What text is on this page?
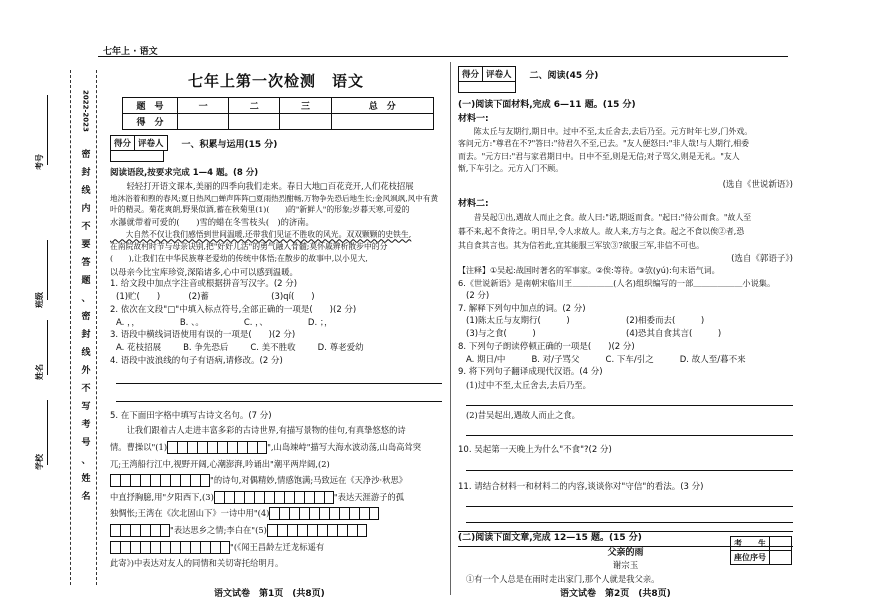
七年上 · 语文
2022-2023
密
封
线
内
不
要
答
题
、
密
封
线
外
不
写
考
号
、
姓
名
考号
班级
姓名
学校
七年上第一次检测　语文
题　号	一	二	三	总　分
得　分				
得分 评卷人	一、积累与运用(15 分)
阅读语段,按要求完成 1—4 题。(8 分)
　　轻轻打开语文课本,美丽的四季向我们走来。春日大地□百花竞开,人们花枝招展
地沐浴着和煦的春风;夏日热风□蝉声阵阵□夏雨热烈酣畅,万物争先恐后地生长;金风飒飒,风中有黄
叶的精灵。菊花爽朗,野果似酒,蓄在秋菊里(1)(　　)的"新鲜人"的形象;岁暮天寒,可爱的
水瀑就带着可爱的(　　)雪的蜡在冬雪枝头(　)的济南。
　　大自然不仅让我们感悟到世间温暖,还带我们见证不胜收的风光。双双颗颗的史铁生,
在南院故村时节与母亲诀别,把"好好儿活"的勇气融入骨髓;莫怀戚辨析散步中的分
(　　),让我们在中华民族尊老爱幼的传统中体悟;在散步的故事中,以小见大,
以母亲今比宝库珍资,深陷诸多,心中可以感到温暖。
1. 给文段中加点字注音或根据拼音写汉字。(2 分)
(1)贮(　　)　　　	(2)蓄　　　　　　　	(3)qí(　　)
2. 依次在文段"□"中填入标点符号,全部正确的一项是(　　)(2 分)
A. ，，	B. 、。	C. ，、	D. ；，
3. 语段中横线词语使用有误的一项是(　　)(2 分)
A. 花枝招展	B. 争先恐后	C. 美不胜收	D. 尊老爱幼
4. 语段中波浪线的句子有语病,请修改。(2 分)
5. 在下面田字格中填写古诗文名句。(7 分)
　　让我们跟着古人走进丰富多彩的古诗世界,有描写景物的佳句,有真挚悠悠的诗
情。曹操以"(1)	",山岛竦峙"描写大海水波动荡,山岛高耸突
兀;王湾船行江中,视野开阔,心潮澎湃,吟诵出"潮平两岸阔,(2)
"的诗句,对偶精妙,情感饱满;马致远在《天净沙·秋思》
中直抒胸臆,用"夕阳西下,(3)	"表达天涯游子的孤
独惆怅;王湾在《次北固山下》一诗中用"(4)
"表达思乡之情;李白在"(5)
"(《闻王昌龄左迁龙标遥有
此寄》)中表达对友人的同情和关切寄托给明月。
语文试卷　第1页　(共8页)
得分 评卷人	二、阅读(45 分)
(一)阅读下面材料,完成 6—11 题。(15 分)
材料一:
　　陈太丘与友期行,期日中。过中不至,太丘舍去,去后乃至。元方时年七岁,门外戏。
客问元方:"尊君在不?"答曰:"待君久不至,已去。"友人便怒曰:"非人哉!与人期行,相委
而去。"元方曰:"君与家君期日中。日中不至,则是无信;对子骂父,则是无礼。"友人
惭,下车引之。元方入门不顾。
(选自《世说新语》)
材料二:
　　昔吴起①出,遇故人而止之食。故人曰:"诺,期返而食。"起曰:"待公而食。"故人至
暮不来,起不食待之。明日早,令人求故人。故人来,方与之食。起之不食以俟②者,恐
其自食其言也。其为信若此,宜其能服三军欤③?欲服三军,非信不可也。
(选自《郭语子》)
【注释】①吴起:战国时著名的军事家。②俟:等待。③欤(yú):句末语气词。
6.《世说新语》是南朝宋临川王＿＿＿＿＿(人名)组织编写的一部＿＿＿＿＿＿小说集。
(2 分)
7. 解释下列句中加点的词。(2 分)
(1)陈太丘与友期行(　　　)	(2)相委而去(　　　)
(3)与之食(　　　)	(4)恐其自食其言(　　　)
8. 下列句子朗读停顿正确的一项是(　　)(2 分)
A. 期日/中	B. 对/子骂父	C. 下车/引之	D. 故人至/暮不来
9. 将下列句子翻译成现代汉语。(4 分)
(1)过中不至,太丘舍去,去后乃至。
(2)昔吴起出,遇故人而止之食。
10. 吴起第一天晚上为什么"不食"?(2 分)
11. 请结合材料一和材料二的内容,谈谈你对"守信"的看法。(3 分)
(二)阅读下面文章,完成 12—15 题。(15 分)
父亲的雨
谢宗玉
①有一个人总是在雨时走出家门,那个人就是我父亲。
考　　生	
座位序号	
语文试卷　第2页　(共8页)
